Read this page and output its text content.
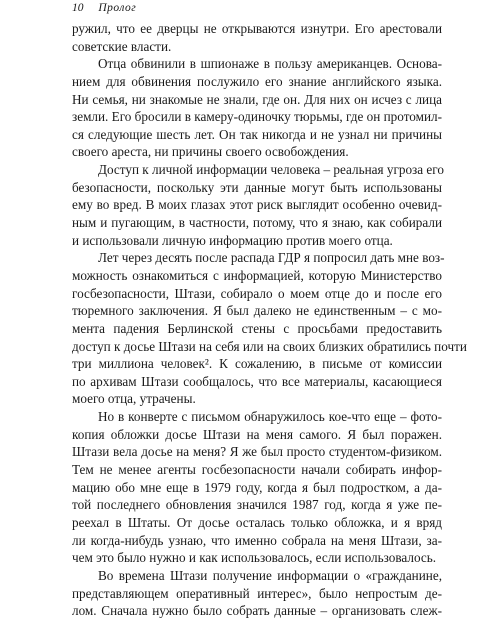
10 Пролог
ружил, что ее дверцы не открываются изнутри. Его арестовали
советские власти.
Отца обвинили в шпионаже в пользу американцев. Основа-
нием для обвинения послужило его знание английского языка.
Ни семья, ни знакомые не знали, где он. Для них он исчез с лица
земли. Его бросили в камеру-одиночку тюрьмы, где он протомил-
ся следующие шесть лет. Он так никогда и не узнал ни причины
своего ареста, ни причины своего освобождения.
Доступ к личной информации человека – реальная угроза его
безопасности, поскольку эти данные могут быть использованы
ему во вред. В моих глазах этот риск выглядит особенно очевид-
ным и пугающим, в частности, потому, что я знаю, как собирали
и использовали личную информацию против моего отца.
Лет через десять после распада ГДР я попросил дать мне воз-
можность ознакомиться с информацией, которую Министерство
госбезопасности, Штази, собирало о моем отце до и после его
тюремного заключения. Я был далеко не единственным – с мо-
мента падения Берлинской стены с просьбами предоставить
доступ к досье Штази на себя или на своих близких обратились почти
три миллиона человек². К сожалению, в письме от комиссии
по архивам Штази сообщалось, что все материалы, касающиеся
моего отца, утрачены.
Но в конверте с письмом обнаружилось кое-что еще – фото-
копия обложки досье Штази на меня самого. Я был поражен.
Штази вела досье на меня? Я же был просто студентом-физиком.
Тем не менее агенты госбезопасности начали собирать инфор-
мацию обо мне еще в 1979 году, когда я был подростком, а да-
той последнего обновления значился 1987 год, когда я уже пе-
реехал в Штаты. От досье осталась только обложка, и я вряд
ли когда-нибудь узнаю, что именно собрала на меня Штази, за-
чем это было нужно и как использовалось, если использовалось.
Во времена Штази получение информации о «гражданине,
представляющем оперативный интерес», было непростым де-
лом. Сначала нужно было собрать данные – организовать слеж-
